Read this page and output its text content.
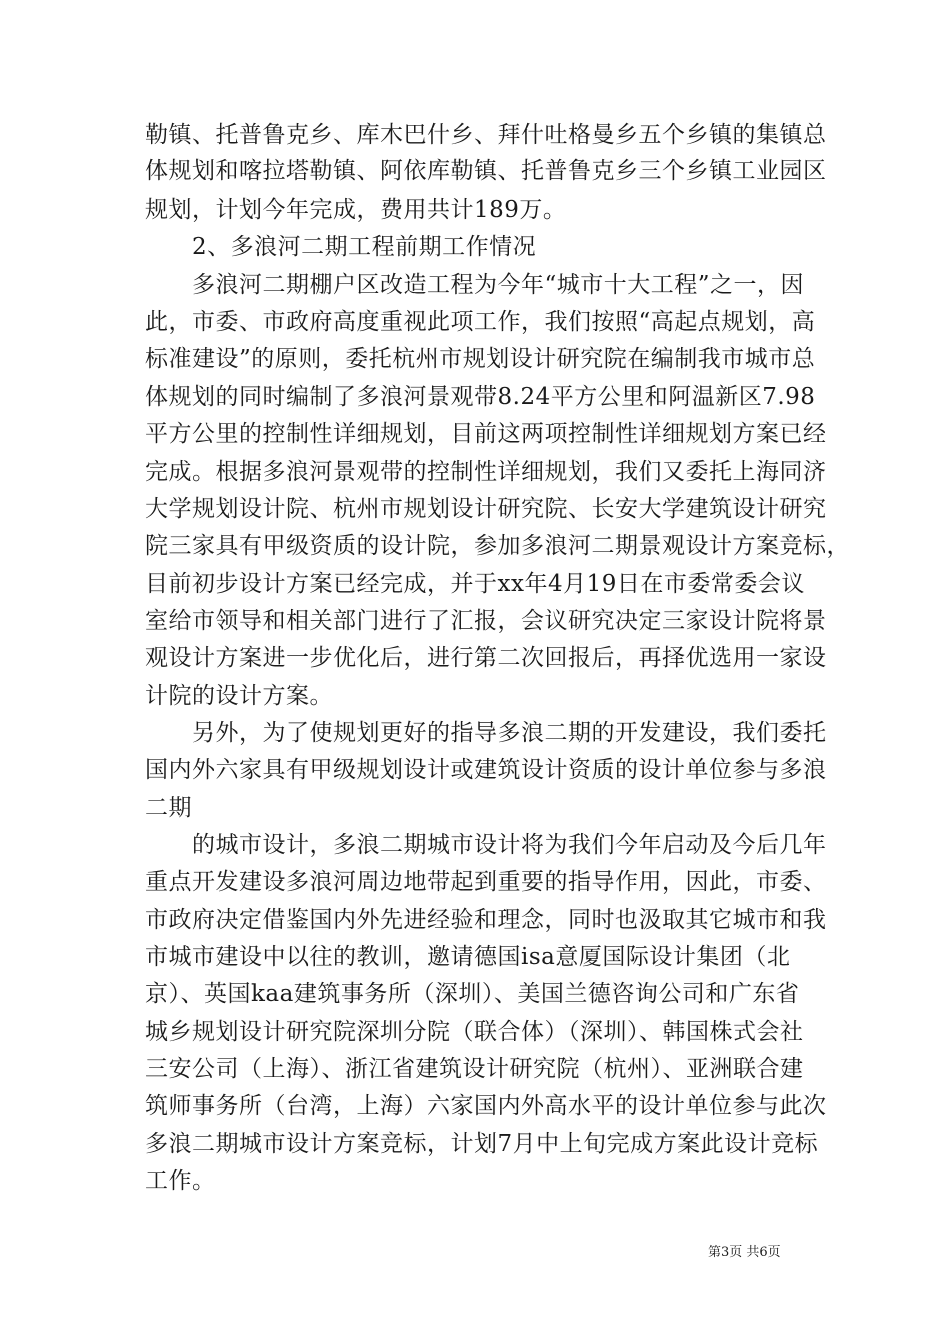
勒镇、托普鲁克乡、库木巴什乡、拜什吐格曼乡五个乡镇的集镇总
体规划和喀拉塔勒镇、阿依库勒镇、托普鲁克乡三个乡镇工业园区
规划，计划今年完成，费用共计189万。
2、多浪河二期工程前期工作情况
多浪河二期棚户区改造工程为今年“城市十大工程”之一，因
此，市委、市政府高度重视此项工作，我们按照“高起点规划，高
标准建设”的原则，委托杭州市规划设计研究院在编制我市城市总
体规划的同时编制了多浪河景观带8.24平方公里和阿温新区7.98
平方公里的控制性详细规划，目前这两项控制性详细规划方案已经
完成。根据多浪河景观带的控制性详细规划，我们又委托上海同济
大学规划设计院、杭州市规划设计研究院、长安大学建筑设计研究
院三家具有甲级资质的设计院，参加多浪河二期景观设计方案竞标，
目前初步设计方案已经完成，并于xx年4月19日在市委常委会议
室给市领导和相关部门进行了汇报，会议研究决定三家设计院将景
观设计方案进一步优化后，进行第二次回报后，再择优选用一家设
计院的设计方案。
另外，为了使规划更好的指导多浪二期的开发建设，我们委托
国内外六家具有甲级规划设计或建筑设计资质的设计单位参与多浪
二期
的城市设计，多浪二期城市设计将为我们今年启动及今后几年
重点开发建设多浪河周边地带起到重要的指导作用，因此，市委、
市政府决定借鉴国内外先进经验和理念，同时也汲取其它城市和我
市城市建设中以往的教训，邀请德国isa意厦国际设计集团（北
京）、英国kaa建筑事务所（深圳）、美国兰德咨询公司和广东省
城乡规划设计研究院深圳分院（联合体）（深圳）、韩国株式会社
三安公司（上海）、浙江省建筑设计研究院（杭州）、亚洲联合建
筑师事务所（台湾，上海）六家国内外高水平的设计单位参与此次
多浪二期城市设计方案竞标，计划7月中上旬完成方案此设计竞标
工作。
第3页 共6页
